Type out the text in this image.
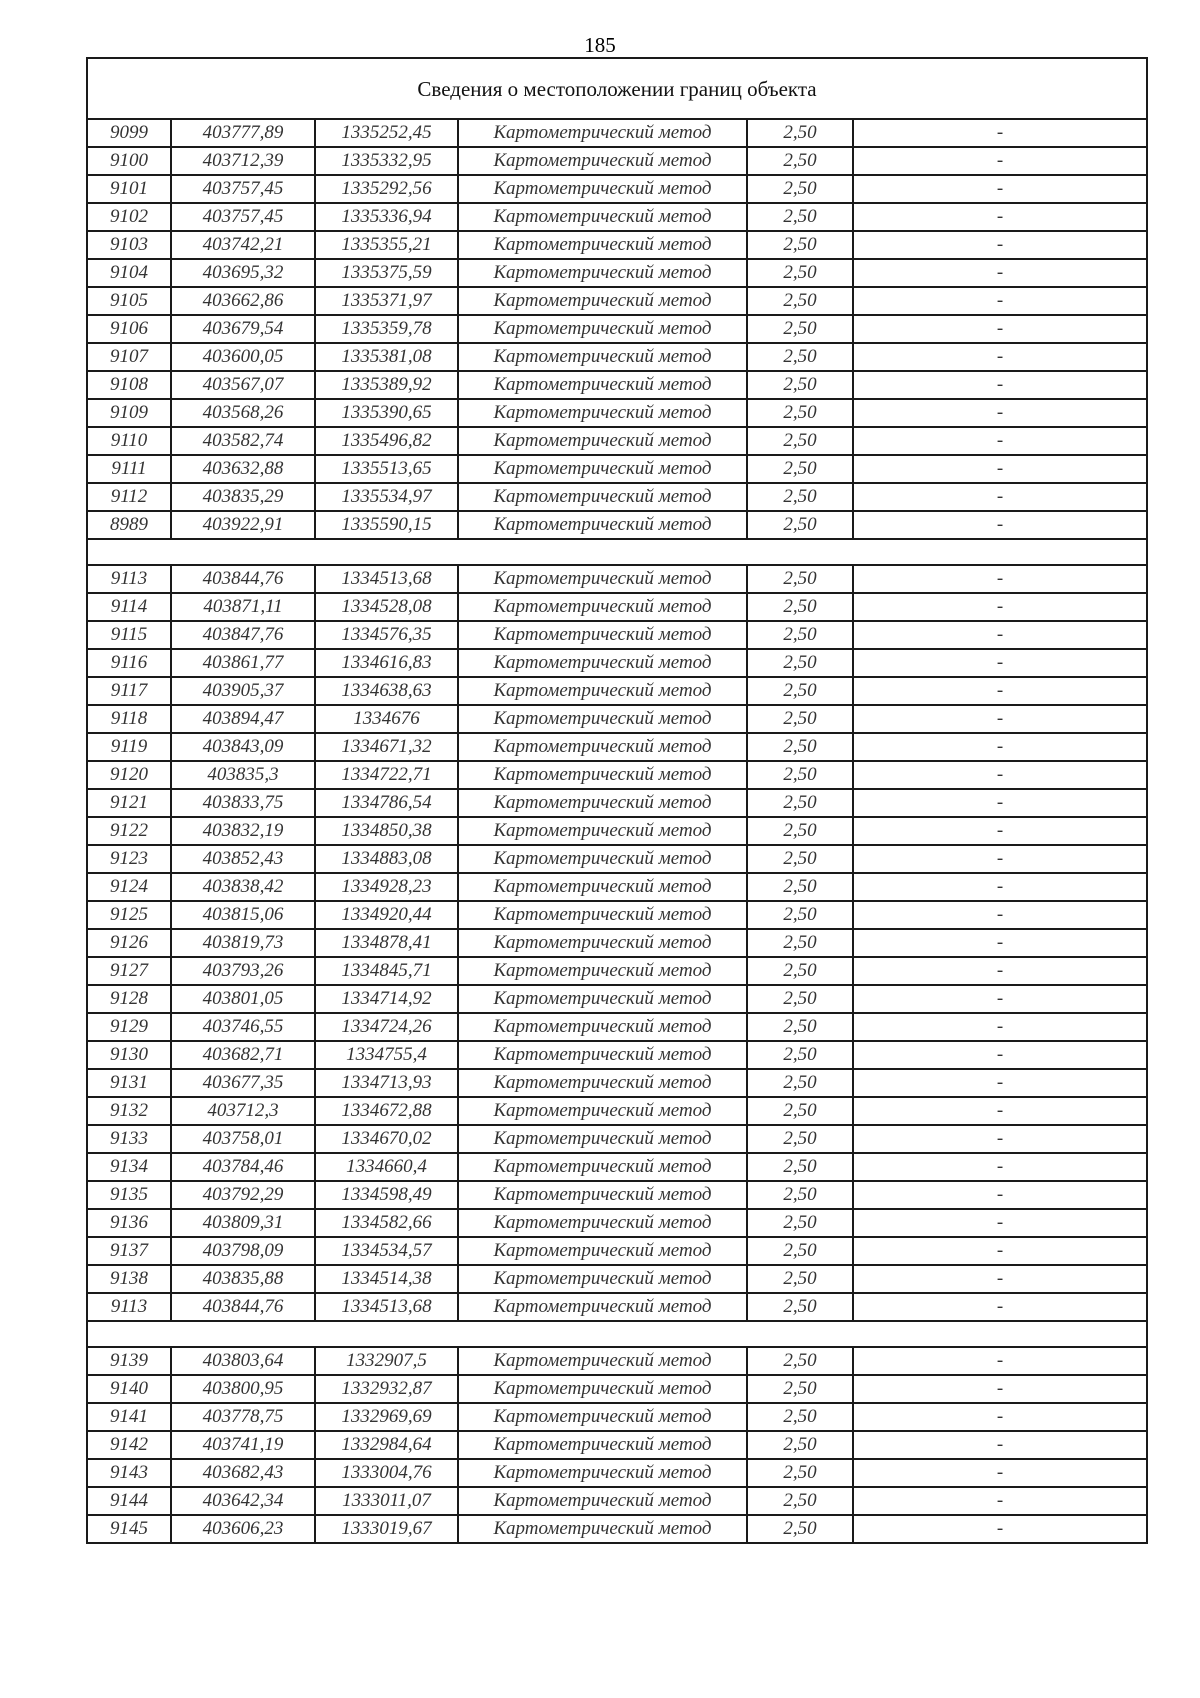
185
Сведения о местоположении границ объекта					
9099	403777,89	1335252,45	Картометрический метод	2,50	-
9100	403712,39	1335332,95	Картометрический метод	2,50	-
9101	403757,45	1335292,56	Картометрический метод	2,50	-
9102	403757,45	1335336,94	Картометрический метод	2,50	-
9103	403742,21	1335355,21	Картометрический метод	2,50	-
9104	403695,32	1335375,59	Картометрический метод	2,50	-
9105	403662,86	1335371,97	Картометрический метод	2,50	-
9106	403679,54	1335359,78	Картометрический метод	2,50	-
9107	403600,05	1335381,08	Картометрический метод	2,50	-
9108	403567,07	1335389,92	Картометрический метод	2,50	-
9109	403568,26	1335390,65	Картометрический метод	2,50	-
9110	403582,74	1335496,82	Картометрический метод	2,50	-
9111	403632,88	1335513,65	Картометрический метод	2,50	-
9112	403835,29	1335534,97	Картометрический метод	2,50	-
8989	403922,91	1335590,15	Картометрический метод	2,50	-

9113	403844,76	1334513,68	Картометрический метод	2,50	-
9114	403871,11	1334528,08	Картометрический метод	2,50	-
9115	403847,76	1334576,35	Картометрический метод	2,50	-
9116	403861,77	1334616,83	Картометрический метод	2,50	-
9117	403905,37	1334638,63	Картометрический метод	2,50	-
9118	403894,47	1334676	Картометрический метод	2,50	-
9119	403843,09	1334671,32	Картометрический метод	2,50	-
9120	403835,3	1334722,71	Картометрический метод	2,50	-
9121	403833,75	1334786,54	Картометрический метод	2,50	-
9122	403832,19	1334850,38	Картометрический метод	2,50	-
9123	403852,43	1334883,08	Картометрический метод	2,50	-
9124	403838,42	1334928,23	Картометрический метод	2,50	-
9125	403815,06	1334920,44	Картометрический метод	2,50	-
9126	403819,73	1334878,41	Картометрический метод	2,50	-
9127	403793,26	1334845,71	Картометрический метод	2,50	-
9128	403801,05	1334714,92	Картометрический метод	2,50	-
9129	403746,55	1334724,26	Картометрический метод	2,50	-
9130	403682,71	1334755,4	Картометрический метод	2,50	-
9131	403677,35	1334713,93	Картометрический метод	2,50	-
9132	403712,3	1334672,88	Картометрический метод	2,50	-
9133	403758,01	1334670,02	Картометрический метод	2,50	-
9134	403784,46	1334660,4	Картометрический метод	2,50	-
9135	403792,29	1334598,49	Картометрический метод	2,50	-
9136	403809,31	1334582,66	Картометрический метод	2,50	-
9137	403798,09	1334534,57	Картометрический метод	2,50	-
9138	403835,88	1334514,38	Картометрический метод	2,50	-
9113	403844,76	1334513,68	Картометрический метод	2,50	-

9139	403803,64	1332907,5	Картометрический метод	2,50	-
9140	403800,95	1332932,87	Картометрический метод	2,50	-
9141	403778,75	1332969,69	Картометрический метод	2,50	-
9142	403741,19	1332984,64	Картометрический метод	2,50	-
9143	403682,43	1333004,76	Картометрический метод	2,50	-
9144	403642,34	1333011,07	Картометрический метод	2,50	-
9145	403606,23	1333019,67	Картометрический метод	2,50	-
